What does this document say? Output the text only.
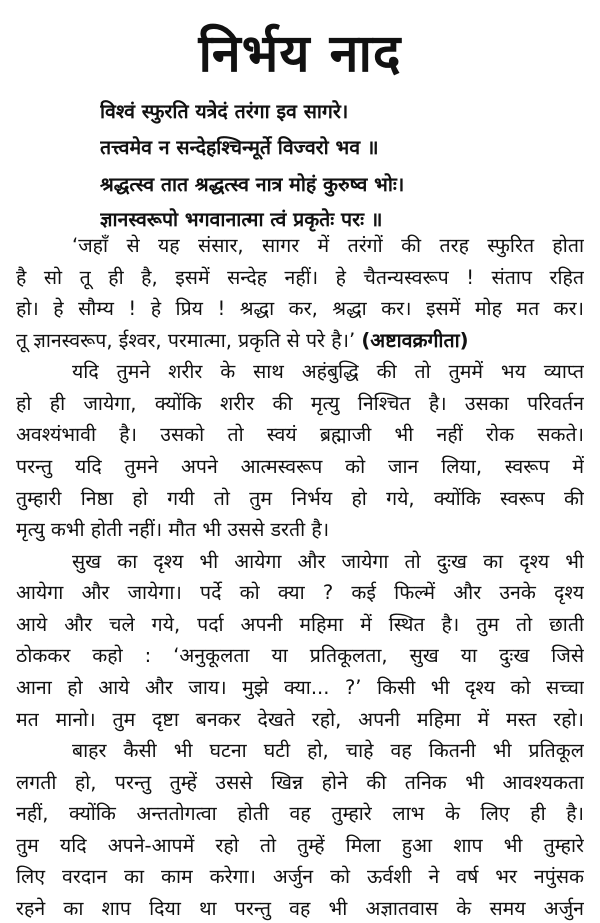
निर्भय नाद
विश्वं स्फुरति यत्रेदं तरंगा इव सागरे।
तत्त्वमेव न सन्देहश्चिन्मूर्ते विज्वरो भव ॥
श्रद्धत्स्व तात श्रद्धत्स्व नात्र मोहं कुरुष्व भोः।
ज्ञानस्वरूपो भगवानात्मा त्वं प्रकृतेः परः ॥
‘जहाँ से यह संसार, सागर में तरंगों की तरह स्फुरित होता
है सो तू ही है, इसमें सन्देह नहीं। हे चैतन्यस्वरूप ! संताप रहित
हो। हे सौम्य ! हे प्रिय ! श्रद्धा कर, श्रद्धा कर। इसमें मोह मत कर।
तू ज्ञानस्वरूप, ईश्वर, परमात्मा, प्रकृति से परे है।’ (अष्टावक्रगीता)
यदि तुमने शरीर के साथ अहंबुद्धि की तो तुममें भय व्याप्त
हो ही जायेगा, क्योंकि शरीर की मृत्यु निश्चित है। उसका परिवर्तन
अवश्यंभावी है। उसको तो स्वयं ब्रह्माजी भी नहीं रोक सकते।
परन्तु यदि तुमने अपने आत्मस्वरूप को जान लिया, स्वरूप में
तुम्हारी निष्ठा हो गयी तो तुम निर्भय हो गये, क्योंकि स्वरूप की
मृत्यु कभी होती नहीं। मौत भी उससे डरती है।
सुख का दृश्य भी आयेगा और जायेगा तो दुःख का दृश्य भी
आयेगा और जायेगा। पर्दे को क्या ? कई फिल्में और उनके दृश्य
आये और चले गये, पर्दा अपनी महिमा में स्थित है। तुम तो छाती
ठोककर कहो : ‘अनुकूलता या प्रतिकूलता, सुख या दुःख जिसे
आना हो आये और जाय। मुझे क्या... ?’ किसी भी दृश्य को सच्चा
मत मानो। तुम दृष्टा बनकर देखते रहो, अपनी महिमा में मस्त रहो।
बाहर कैसी भी घटना घटी हो, चाहे वह कितनी भी प्रतिकूल
लगती हो, परन्तु तुम्हें उससे खिन्न होने की तनिक भी आवश्यकता
नहीं, क्योंकि अन्ततोगत्वा होती वह तुम्हारे लाभ के लिए ही है।
तुम यदि अपने-आपमें रहो तो तुम्हें मिला हुआ शाप भी तुम्हारे
लिए वरदान का काम करेगा। अर्जुन को ऊर्वशी ने वर्ष भर नपुंसक
रहने का शाप दिया था परन्तु वह भी अज्ञातवास के समय अर्जुन
